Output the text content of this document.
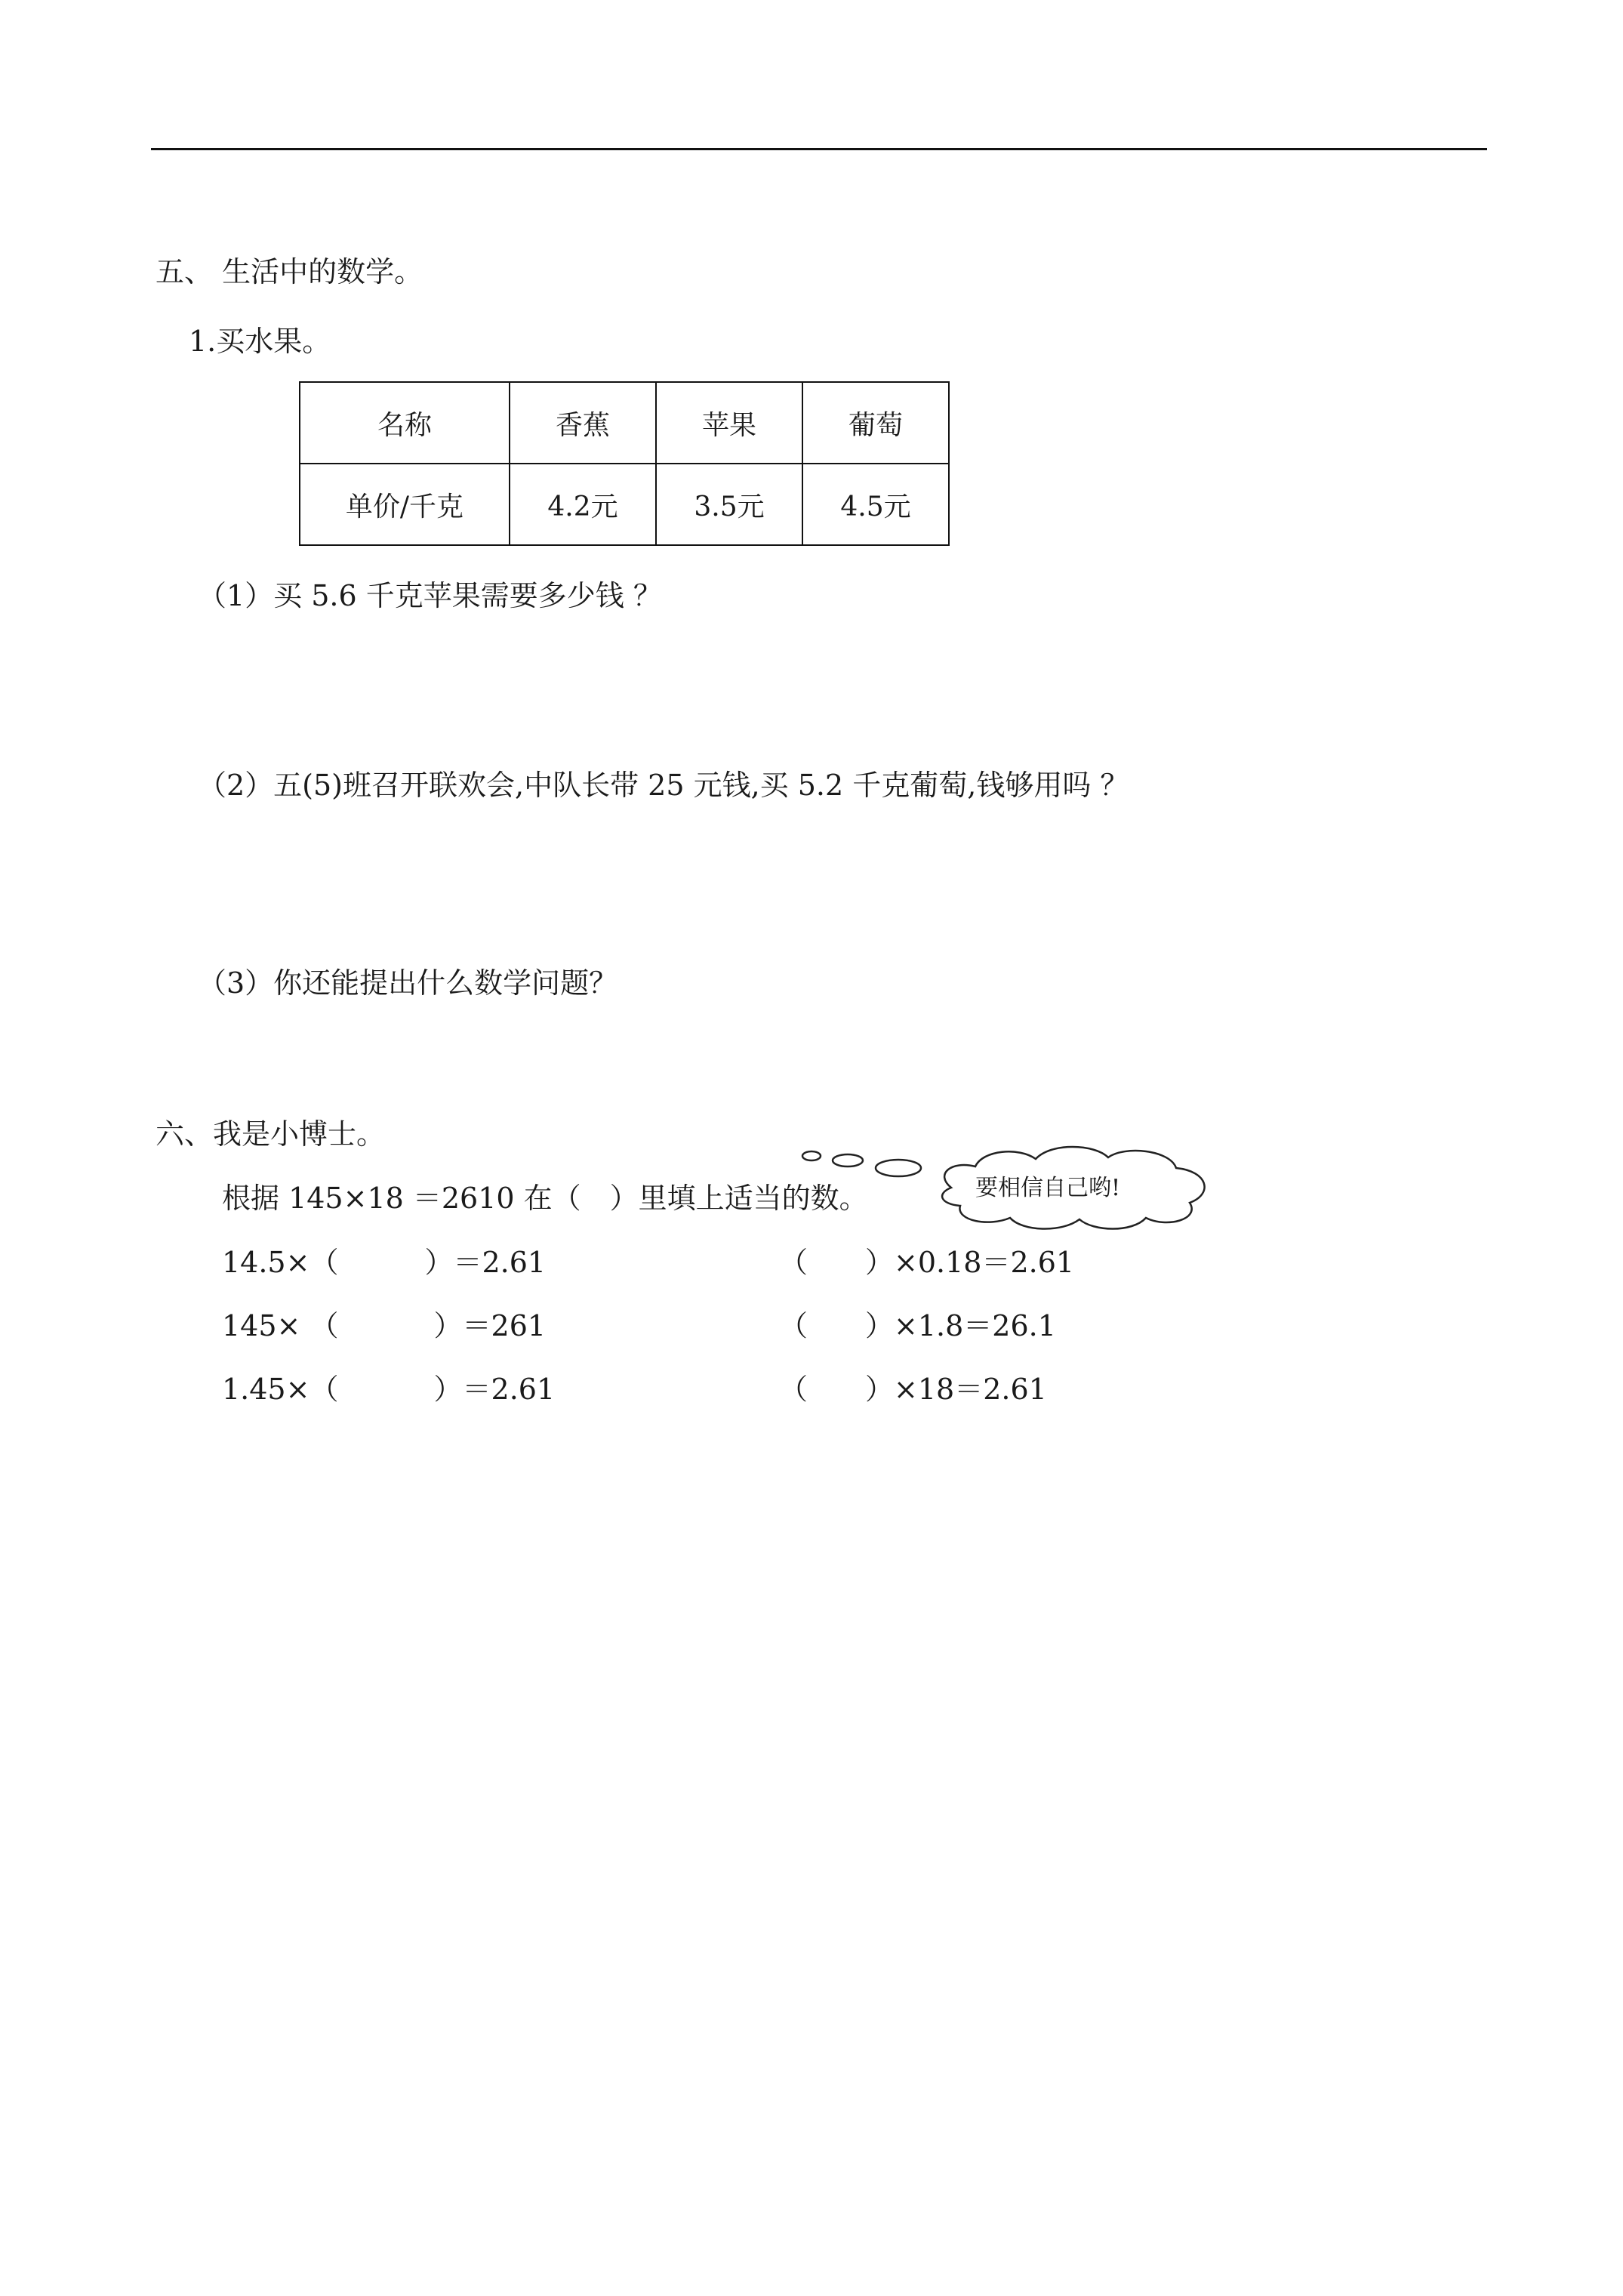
五、 生活中的数学。
1.买水果。
名称	香蕉	苹果	葡萄
单价/千克	4.2元	3.5元	4.5元
（1）买 5.6 千克苹果需要多少钱 ？
（2）五(5)班召开联欢会,中队长带 25 元钱,买 5.2 千克葡萄,钱够用吗 ？
（3）你还能提出什么数学问题？
六、我是小博士。
根据 145×18 ＝2610 在（　）里填上适当的数。	要相信自己哟!
14.5×（　　　）＝2.61
145× （　　　 ）＝261
1.45×（　　　 ）＝2.61
（　　）×0.18＝2.61
（　　）×1.8＝26.1
（　　）×18＝2.61
